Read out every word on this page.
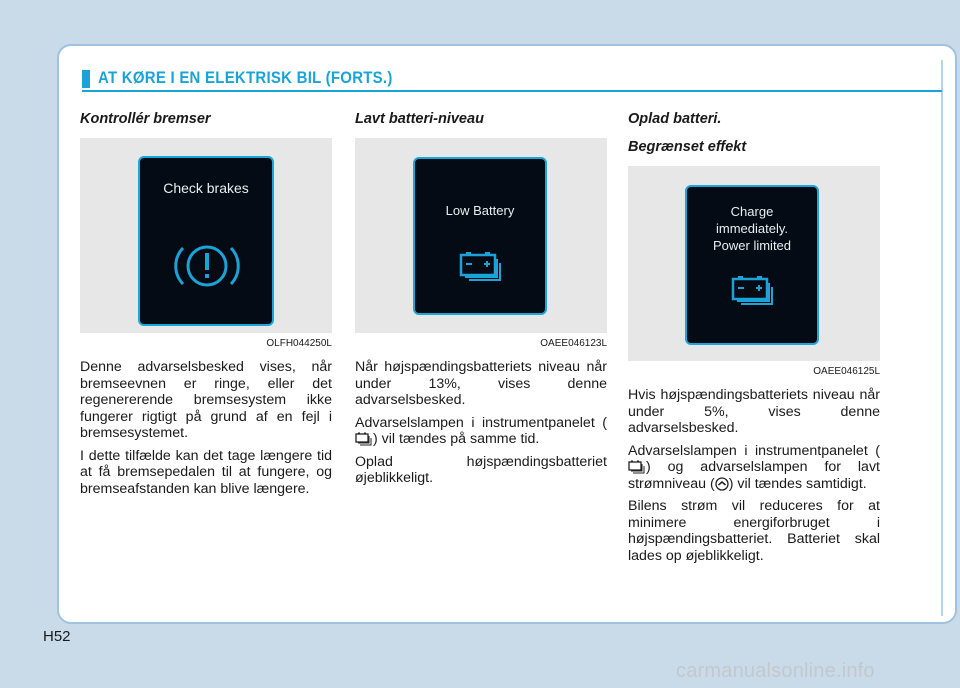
AT KØRE I EN ELEKTRISK BIL (FORTS.)
Kontrollér bremser
Check brakes
OLFH044250L

Denne advarselsbesked vises, når bremseevnen er ringe, eller det regenererende bremsesystem ikke fungerer rigtigt på grund af en fejl i bremsesystemet.

I dette tilfælde kan det tage længere tid at få bremsepedalen til at fungere, og bremseafstanden kan blive længere.

Lavt batteri-niveau
Low Battery
OAEE046123L

Når højspændingsbatteriets niveau når under 13%, vises denne advarselsbesked.

Advarselslampen i instrumentpanelet () vil tændes på samme tid.

Oplad højspændingsbatteriet øjeblikkeligt.

Oplad batteri.
Begrænset effekt
Charge
immediately.
Power limited
OAEE046125L

Hvis højspændingsbatteriets niveau når under 5%, vises denne advarselsbesked.

Advarselslampen i instrumentpanelet () og advarselslampen for lavt strømniveau ( ) vil tændes samtidigt.

Bilens strøm vil reduceres for at minimere energiforbruget i højspændingsbatteriet. Batteriet skal lades op øjeblikkeligt.

H52
carmanualsonline.info
